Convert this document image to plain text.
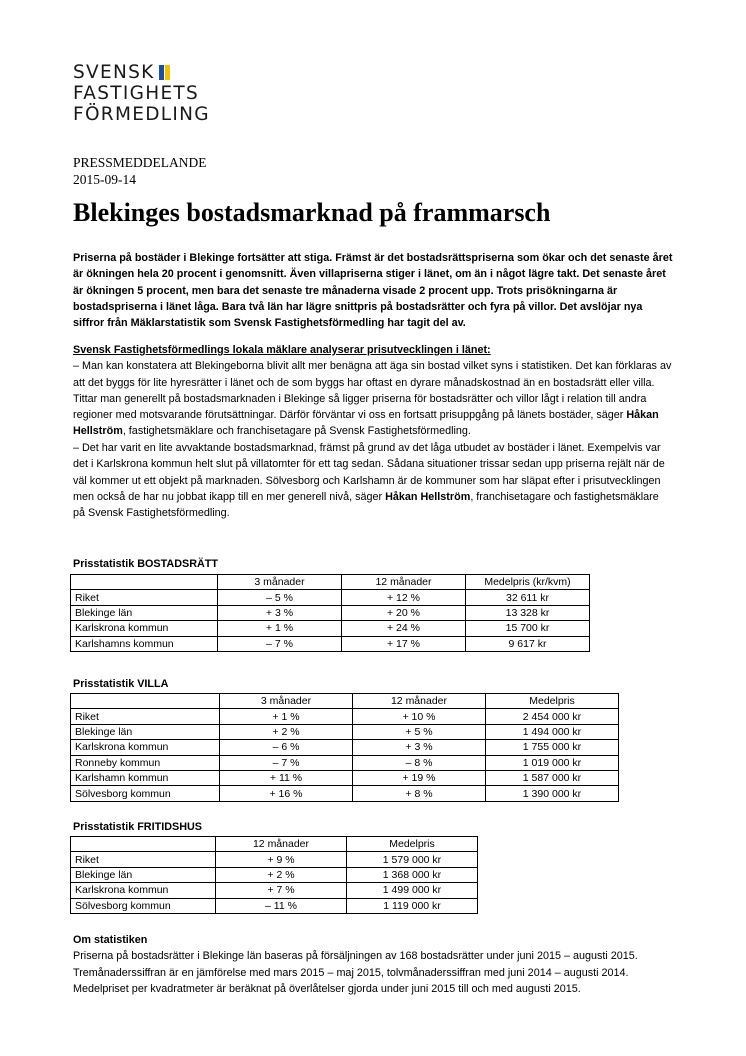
SVENSK
FASTIGHETS
FÖRMEDLING
PRESSMEDDELANDE
2015-09-14
Blekinges bostadsmarknad på frammarsch

Priserna på bostäder i Blekinge fortsätter att stiga. Främst är det bostadsrättspriserna som ökar och det senaste året är ökningen hela 20 procent i genomsnitt. Även villapriserna stiger i länet, om än i något lägre takt. Det senaste året är ökningen 5 procent, men bara det senaste tre månaderna visade 2 procent upp. Trots prisökningarna är bostadspriserna i länet låga. Bara två län har lägre snittpris på bostadsrätter och fyra på villor. Det avslöjar nya siffror från Mäklarstatistik som Svensk Fastighetsförmedling har tagit del av.

Svensk Fastighetsförmedlings lokala mäklare analyserar prisutvecklingen i länet:
– Man kan konstatera att Blekingeborna blivit allt mer benägna att äga sin bostad vilket syns i statistiken. Det kan förklaras av att det byggs för lite hyresrätter i länet och de som byggs har oftast en dyrare månadskostnad än en bostadsrätt eller villa. Tittar man generellt på bostadsmarknaden i Blekinge så ligger priserna för bostadsrätter och villor lågt i relation till andra regioner med motsvarande förutsättningar. Därför förväntar vi oss en fortsatt prisuppgång på länets bostäder, säger Håkan Hellström, fastighetsmäklare och franchisetagare på Svensk Fastighetsförmedling.
– Det har varit en lite avvaktande bostadsmarknad, främst på grund av det låga utbudet av bostäder i länet. Exempelvis var det i Karlskrona kommun helt slut på villatomter för ett tag sedan. Sådana situationer trissar sedan upp priserna rejält när de väl kommer ut ett objekt på marknaden. Sölvesborg och Karlshamn är de kommuner som har släpat efter i prisutvecklingen men också de har nu jobbat ikapp till en mer generell nivå, säger Håkan Hellström, franchisetagare och fastighetsmäklare på Svensk Fastighetsförmedling.
Prisstatistik BOSTADSRÄTT
	3 månader	12 månader	Medelpris (kr/kvm)
Riket	– 5 %	+ 12 %	32 611 kr
Blekinge län	+ 3 %	+ 20 %	13 328 kr
Karlskrona kommun	+ 1 %	+ 24 %	15 700 kr
Karlshamns kommun	– 7 %	+ 17 %	9 617 kr
Prisstatistik VILLA
	3 månader	12 månader	Medelpris
Riket	+ 1 %	+ 10 %	2 454 000 kr
Blekinge län	+ 2 %	+ 5 %	1 494 000 kr
Karlskrona kommun	– 6 %	+ 3 %	1 755 000 kr
Ronneby kommun	– 7 %	– 8 %	1 019 000 kr
Karlshamn kommun	+ 11 %	+ 19 %	1 587 000 kr
Sölvesborg kommun	+ 16 %	+ 8 %	1 390 000 kr
Prisstatistik FRITIDSHUS
	12 månader	Medelpris
Riket	+ 9 %	1 579 000 kr
Blekinge län	+ 2 %	1 368 000 kr
Karlskrona kommun	+ 7 %	1 499 000 kr
Sölvesborg kommun	– 11 %	1 119 000 kr
Om statistiken
Priserna på bostadsrätter i Blekinge län baseras på försäljningen av 168 bostadsrätter under juni 2015 – augusti 2015. Tremånaderssiffran är en jämförelse med mars 2015 – maj 2015, tolvmånaderssiffran med juni 2014 – augusti 2014. Medelpriset per kvadratmeter är beräknat på överlåtelser gjorda under juni 2015 till och med augusti 2015.
